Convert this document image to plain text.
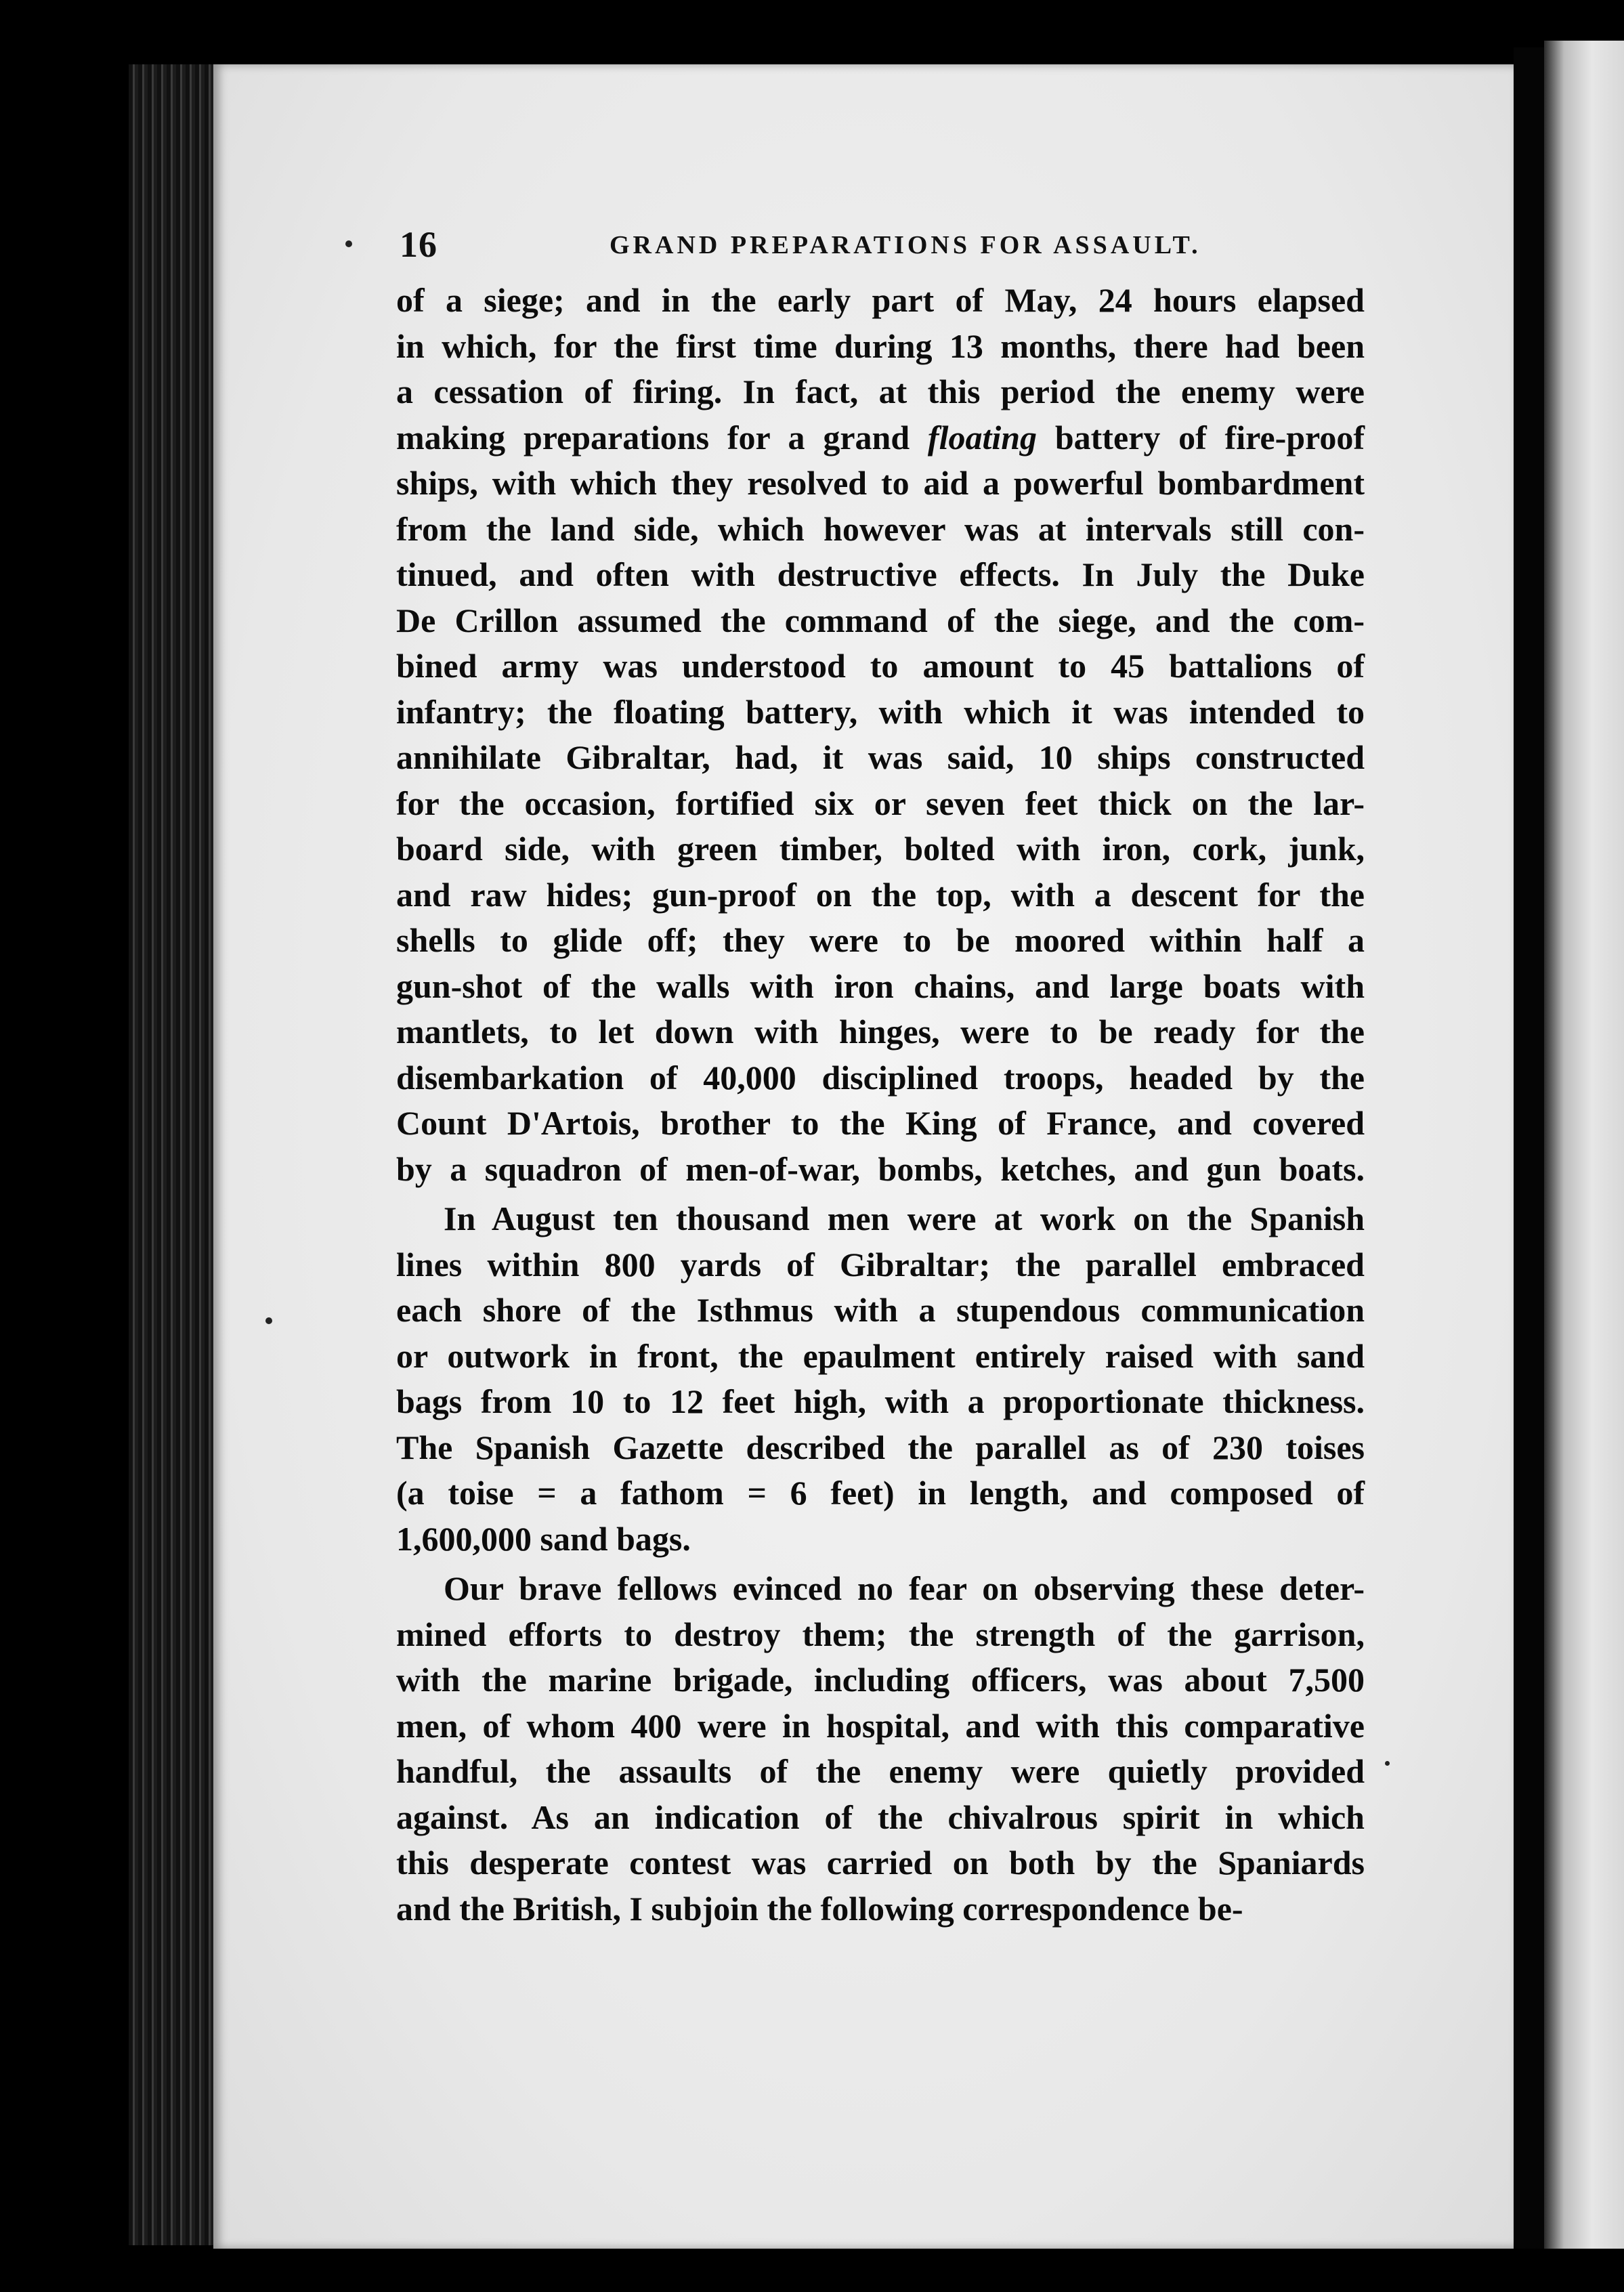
16	GRAND PREPARATIONS FOR ASSAULT.
of a siege; and in the early part of May, 24 hours elapsed
in which, for the first time during 13 months, there had been
a cessation of firing. In fact, at this period the enemy were
making preparations for a grand floating battery of fire-proof
ships, with which they resolved to aid a powerful bombardment
from the land side, which however was at intervals still con-
tinued, and often with destructive effects. In July the Duke
De Crillon assumed the command of the siege, and the com-
bined army was understood to amount to 45 battalions of
infantry; the floating battery, with which it was intended to
annihilate Gibraltar, had, it was said, 10 ships constructed
for the occasion, fortified six or seven feet thick on the lar-
board side, with green timber, bolted with iron, cork, junk,
and raw hides; gun-proof on the top, with a descent for the
shells to glide off; they were to be moored within half a
gun-shot of the walls with iron chains, and large boats with
mantlets, to let down with hinges, were to be ready for the
disembarkation of 40,000 disciplined troops, headed by the
Count D'Artois, brother to the King of France, and covered
by a squadron of men-of-war, bombs, ketches, and gun boats.
In August ten thousand men were at work on the Spanish
lines within 800 yards of Gibraltar; the parallel embraced
each shore of the Isthmus with a stupendous communication
or outwork in front, the epaulment entirely raised with sand
bags from 10 to 12 feet high, with a proportionate thickness.
The Spanish Gazette described the parallel as of 230 toises
(a toise = a fathom = 6 feet) in length, and composed of
1,600,000 sand bags.
Our brave fellows evinced no fear on observing these deter-
mined efforts to destroy them; the strength of the garrison,
with the marine brigade, including officers, was about 7,500
men, of whom 400 were in hospital, and with this comparative
handful, the assaults of the enemy were quietly provided
against. As an indication of the chivalrous spirit in which
this desperate contest was carried on both by the Spaniards
and the British, I subjoin the following correspondence be-
